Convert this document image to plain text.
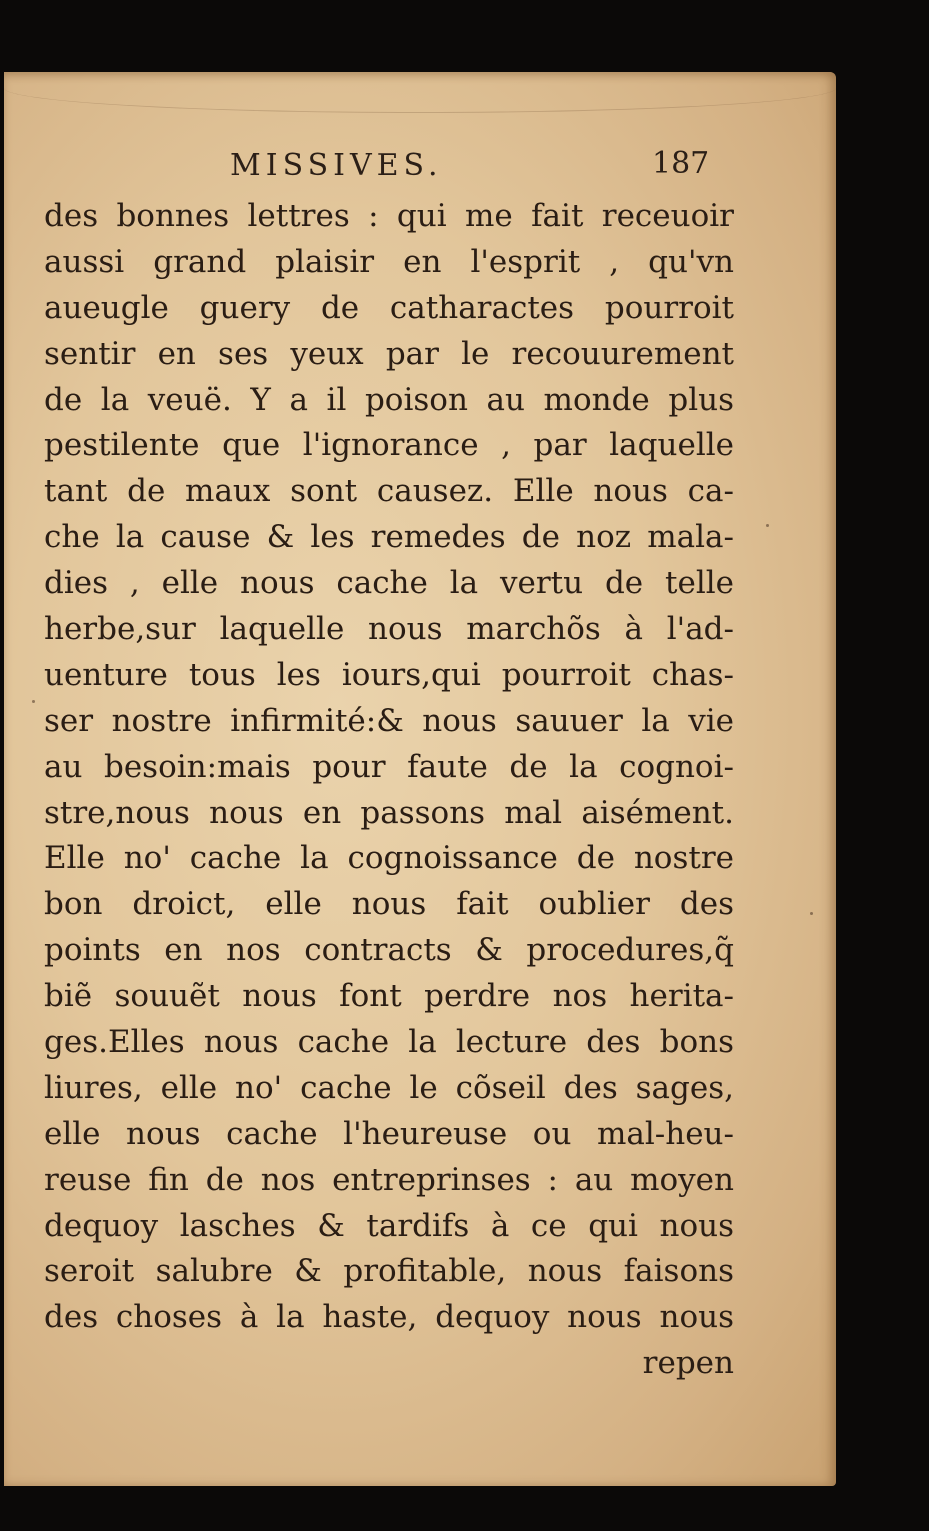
MISSIVES.	187
des bonnes lettres : qui me fait receuoir
aussi grand plaisir en l'esprit , qu'vn
aueugle guery de catharactes pourroit
sentir en ses yeux par le recouurement
de la veuë. Y a il poison au monde plus
pestilente que l'ignorance , par laquelle
tant de maux sont causez. Elle nous ca-
che la cause & les remedes de noz mala-
dies , elle nous cache la vertu de telle
herbe,sur laquelle nous marchõs à l'ad-
uenture tous les iours,qui pourroit chas-
ser nostre infirmité:& nous sauuer la vie
au besoin:mais pour faute de la cognoi-
stre,nous nous en passons mal aisément.
Elle no' cache la cognoissance de nostre
bon droict, elle nous fait oublier des
points en nos contracts & procedures,q̃
biẽ souuẽt nous font perdre nos herita-
ges.Elles nous cache la lecture des bons
liures, elle no' cache le cõseil des sages,
elle nous cache l'heureuse ou mal-heu-
reuse fin de nos entreprinses : au moyen
dequoy lasches & tardifs à ce qui nous
seroit salubre & profitable, nous faisons
des choses à la haste, dequoy nous nous
repen
